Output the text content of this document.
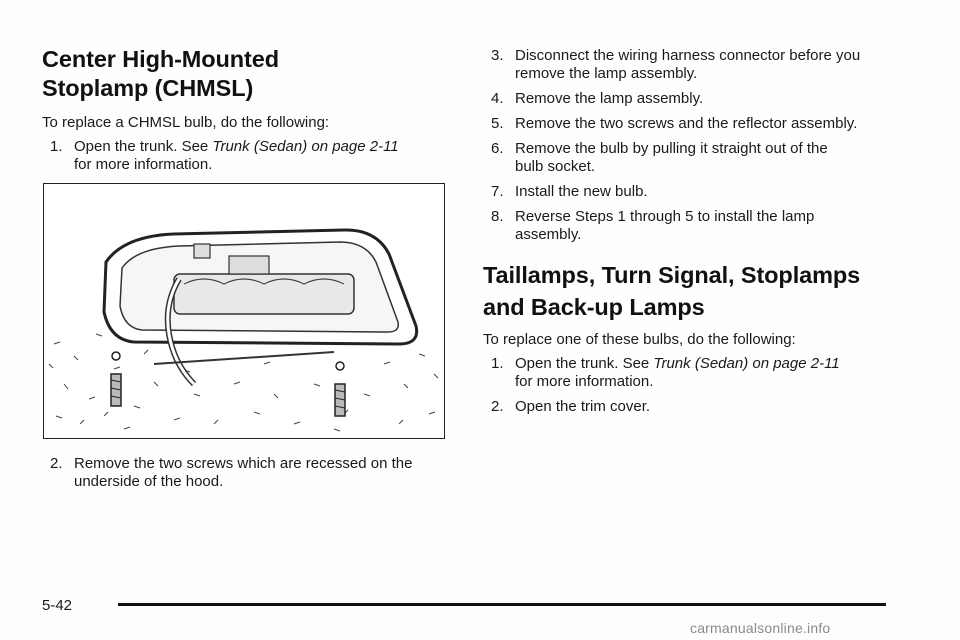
Center High-Mounted
Stoplamp (CHMSL)

To replace a CHMSL bulb, do the following:

1. Open the trunk. See Trunk (Sedan) on page 2-11
for more information.
2. Remove the two screws which are recessed on the
underside of the hood.
3. Disconnect the wiring harness connector before you
remove the lamp assembly.
4. Remove the lamp assembly.
5. Remove the two screws and the reflector assembly.
6. Remove the bulb by pulling it straight out of the
bulb socket.
7. Install the new bulb.
8. Reverse Steps 1 through 5 to install the lamp
assembly.
Taillamps, Turn Signal, Stoplamps
and Back-up Lamps

To replace one of these bulbs, do the following:

1. Open the trunk. See Trunk (Sedan) on page 2-11
for more information.
2. Open the trim cover.
5-42
carmanualsonline.info
